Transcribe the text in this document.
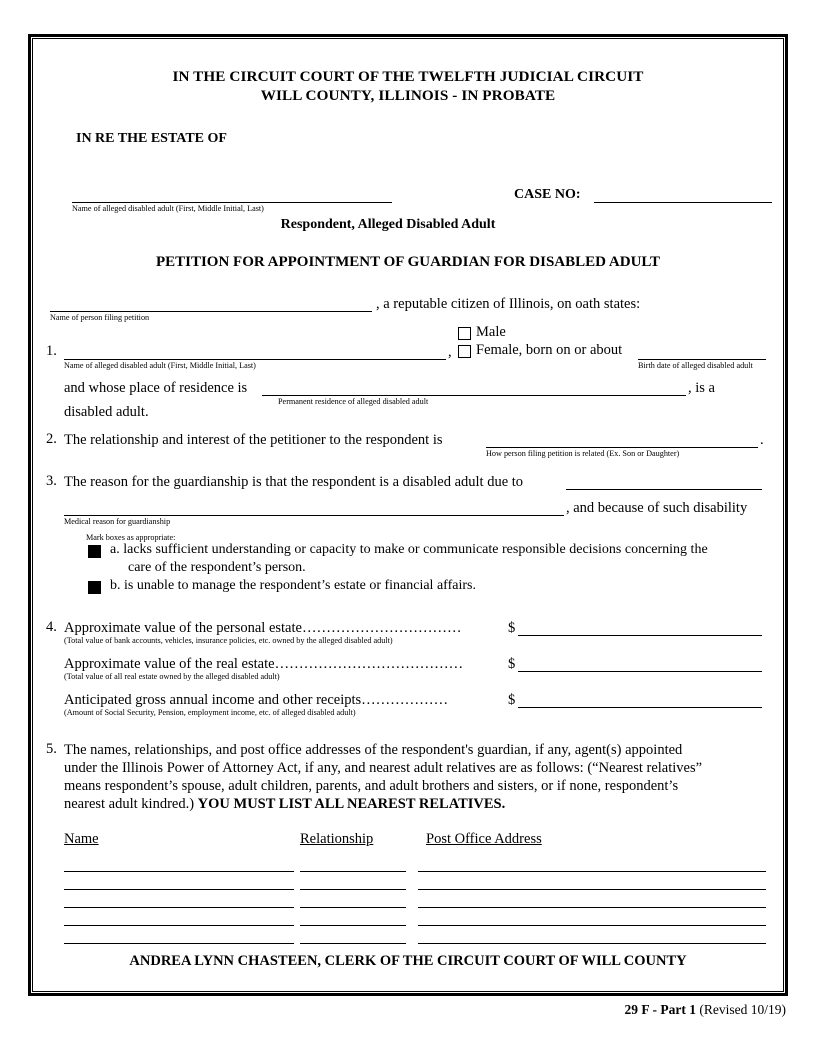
IN THE CIRCUIT COURT OF THE TWELFTH JUDICIAL CIRCUIT
WILL COUNTY, ILLINOIS - IN PROBATE
IN RE THE ESTATE OF
Name of alleged disabled adult (First, Middle Initial, Last)
CASE NO:
Respondent, Alleged Disabled Adult
PETITION FOR APPOINTMENT OF GUARDIAN FOR DISABLED ADULT
, a reputable citizen of Illinois, on oath states:
Name of person filing petition
1.
Male
, Female, born on or about
Name of alleged disabled adult (First, Middle Initial, Last)	Birth date of alleged disabled adult
and whose place of residence is	, is a
Permanent residence of alleged disabled adult
disabled adult.
2. The relationship and interest of the petitioner to the respondent is	.
How person filing petition is related (Ex. Son or Daughter)
3. The reason for the guardianship is that the respondent is a disabled adult due to
, and because of such disability
Medical reason for guardianship
Mark boxes as appropriate:
a. lacks sufficient understanding or capacity to make or communicate responsible decisions concerning the
care of the respondent’s person.
b. is unable to manage the respondent’s estate or financial affairs.
4. Approximate value of the personal estate……………………………	$
(Total value of bank accounts, vehicles, insurance policies, etc. owned by the alleged disabled adult)
Approximate value of the real estate…………………………………	$
(Total value of all real estate owned by the alleged disabled adult)
Anticipated gross annual income and other receipts………………	$
(Amount of Social Security, Pension, employment income, etc. of alleged disabled adult)
5. The names, relationships, and post office addresses of the respondent's guardian, if any, agent(s) appointed
under the Illinois Power of Attorney Act, if any, and nearest adult relatives are as follows: (“Nearest relatives”
means respondent’s spouse, adult children, parents, and adult brothers and sisters, or if none, respondent’s
nearest adult kindred.) YOU MUST LIST ALL NEAREST RELATIVES.
Name	Relationship	Post Office Address
ANDREA LYNN CHASTEEN, CLERK OF THE CIRCUIT COURT OF WILL COUNTY
29 F - Part 1 (Revised 10/19)
